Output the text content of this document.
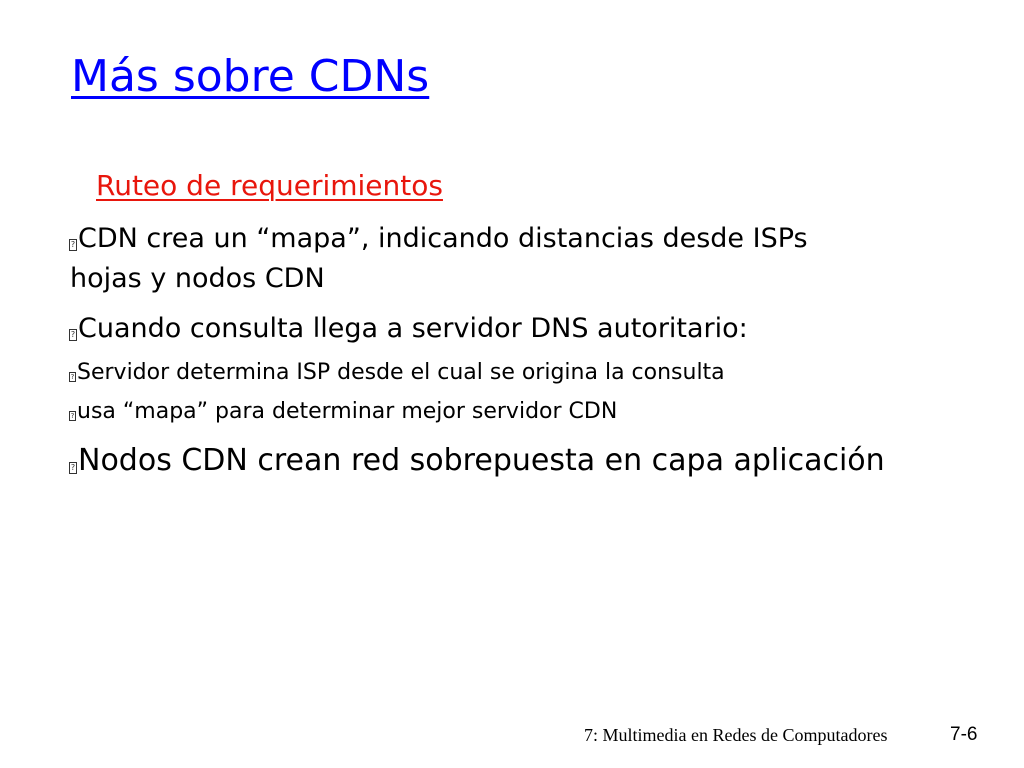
Más sobre CDNs
Ruteo de requerimientos
? CDN crea un “mapa”, indicando distancias desde ISPs
hojas y nodos CDN
? Cuando consulta llega a servidor DNS autoritario:
? Servidor determina ISP desde el cual se origina la consulta
? usa “mapa” para determinar mejor servidor CDN
? Nodos CDN crean red sobrepuesta en capa aplicación
7: Multimedia en Redes de Computadores	7-6
